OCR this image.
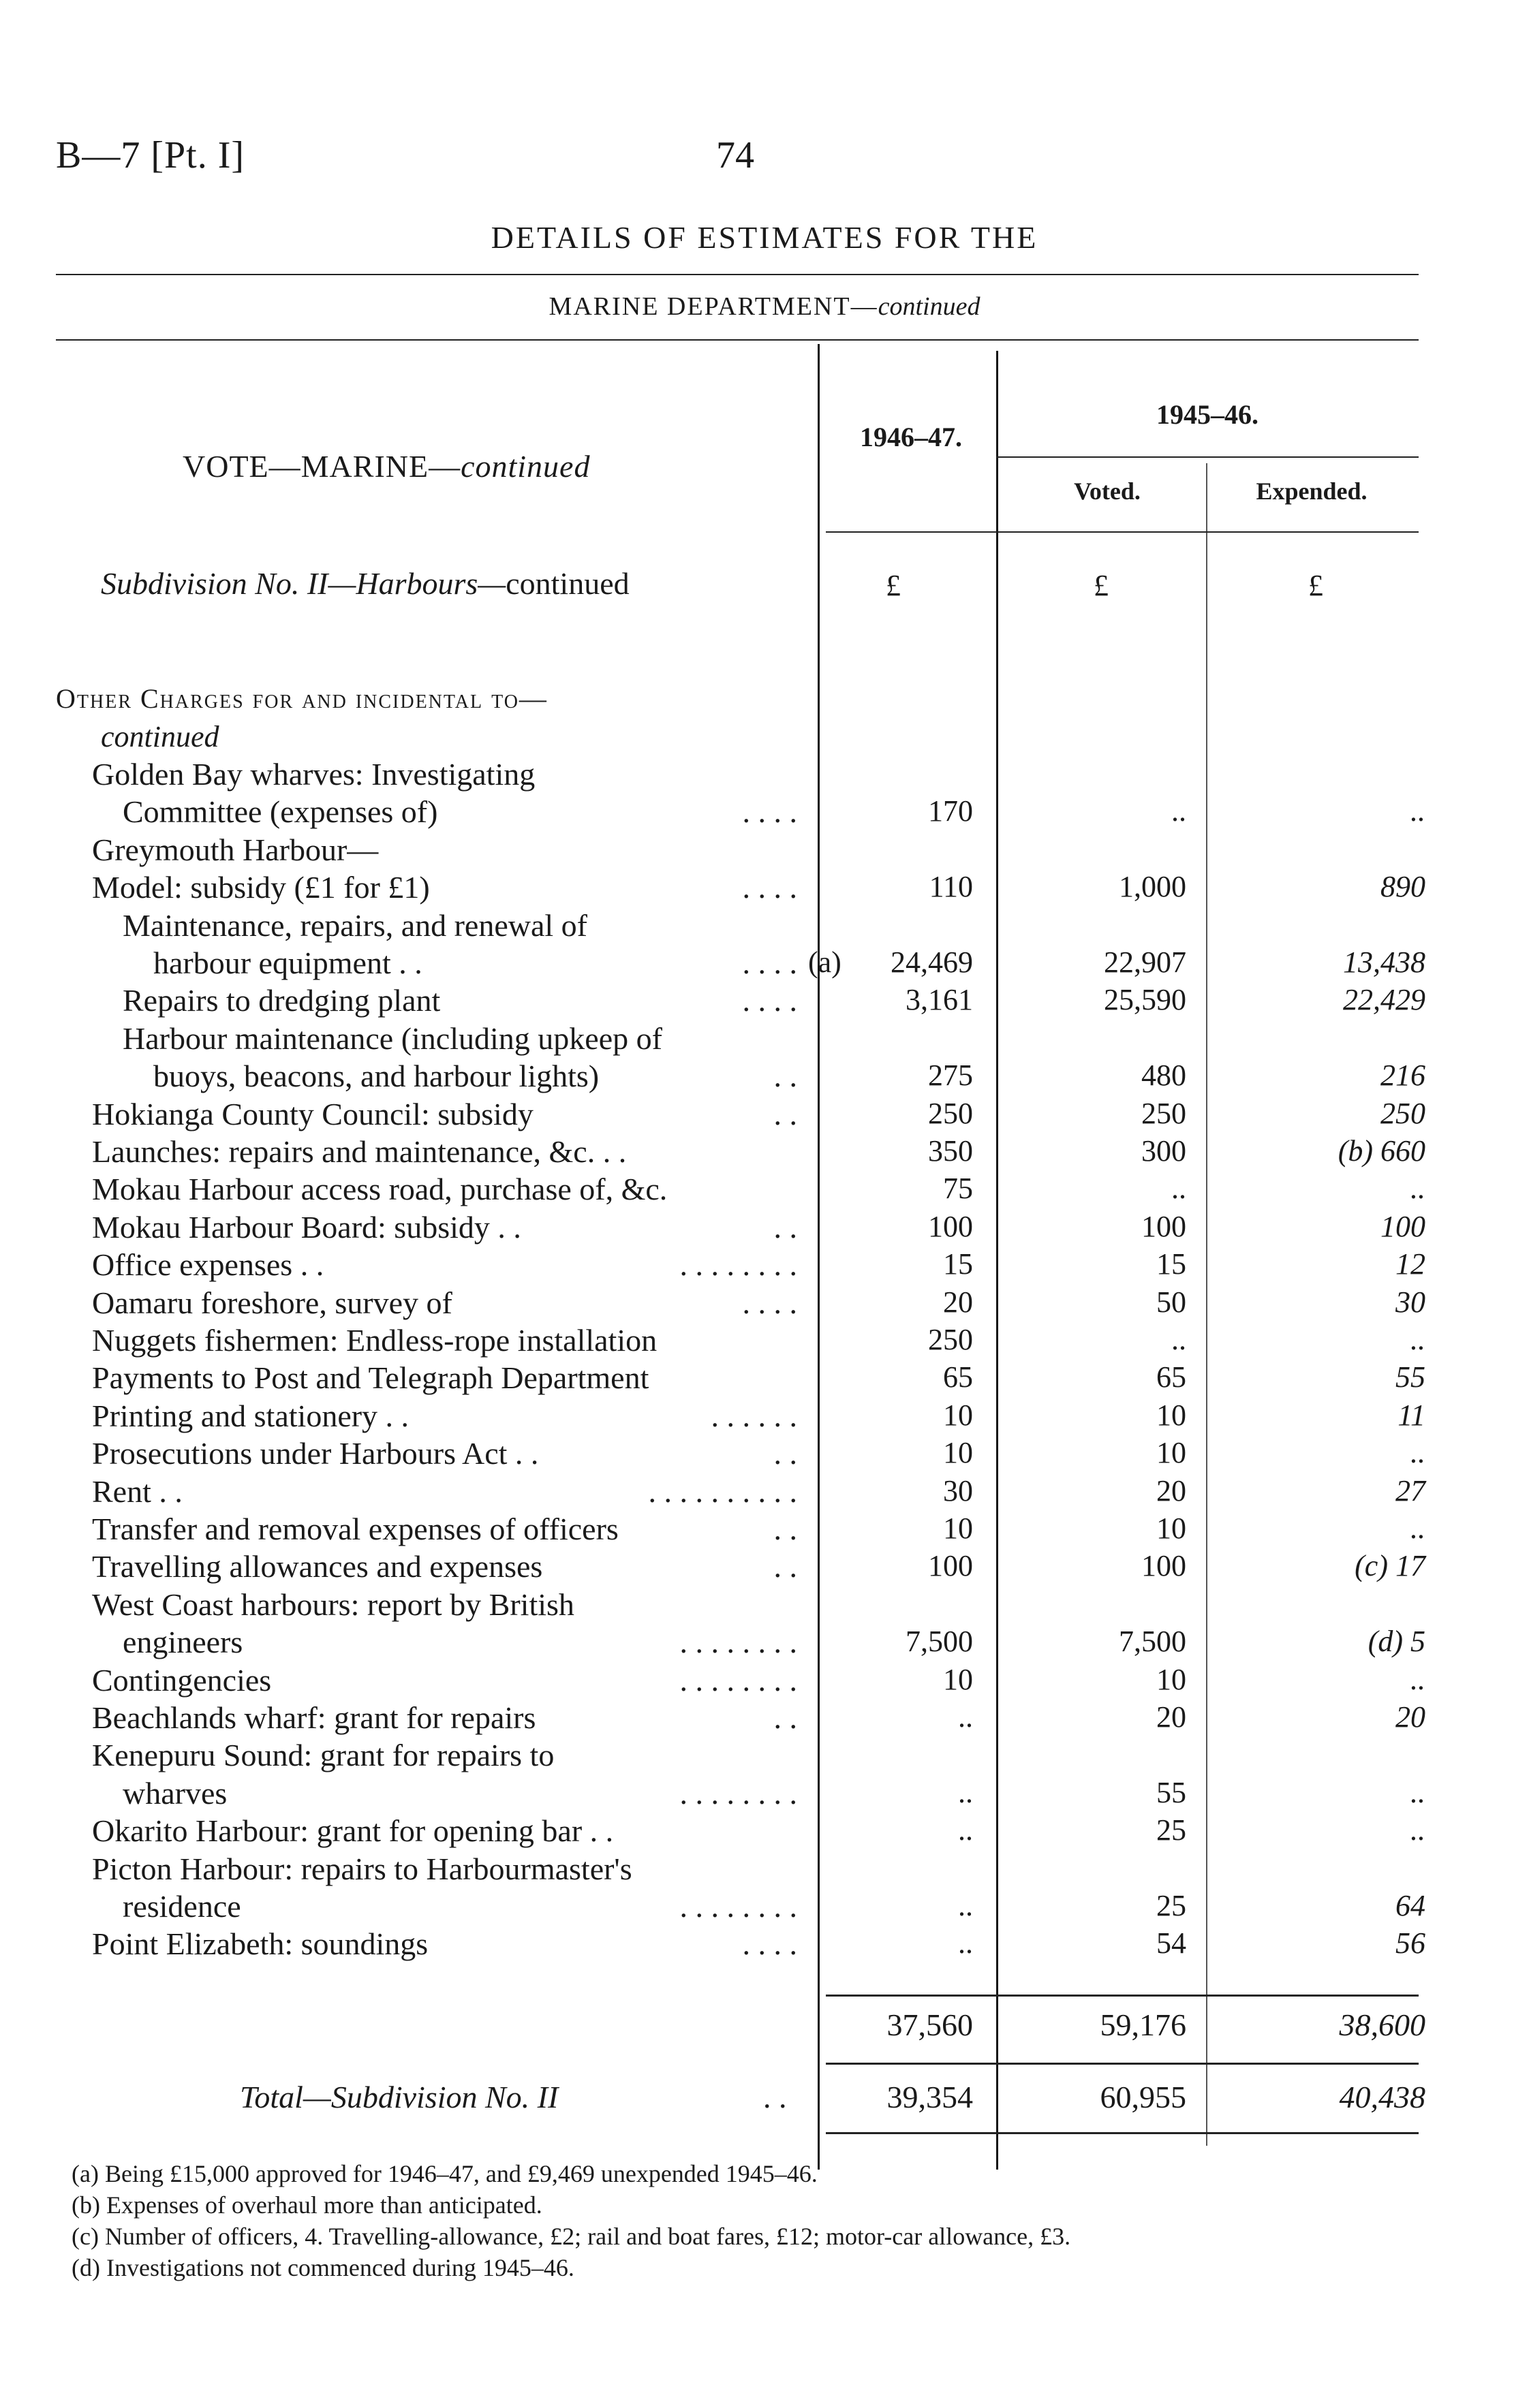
B—7 [Pt. I]	74
DETAILS OF ESTIMATES FOR THE
MARINE DEPARTMENT—continued
1946–47.
1945–46.
Voted.	Expended.
VOTE—MARINE—continued
Subdivision No. II—Harbours—continued	£	£	£
Other Charges for and incidental to—
continued
Golden Bay wharves: Investigating
Committee (expenses of)	. . . .	170	..	..
Greymouth Harbour—
Model: subsidy (£1 for £1)	. . . .	110	1,000	890
Maintenance, repairs, and renewal of
harbour equipment . .	. . . . (a) 24,469	22,907	13,438
Repairs to dredging plant	. . . .	3,161	25,590	22,429
Harbour maintenance (including upkeep of
buoys, beacons, and harbour lights)	. .	275	480	216
Hokianga County Council: subsidy	. .	250	250	250
Launches: repairs and maintenance, &c. . .	350	300	(b) 660
Mokau Harbour access road, purchase of, &c.	75	..	..
Mokau Harbour Board: subsidy . .	. .	100	100	100
Office expenses . .	. . . . . . . .	15	15	12
Oamaru foreshore, survey of	. . . .	20	50	30
Nuggets fishermen: Endless-rope installation	250	..	..
Payments to Post and Telegraph Department	65	65	55
Printing and stationery . .	. . . . . .	10	10	11
Prosecutions under Harbours Act . .	. .	10	10	..
Rent . .	. . . . . . . . . .	30	20	27
Transfer and removal expenses of officers	. .	10	10	..
Travelling allowances and expenses	. .	100	100	(c) 17
West Coast harbours: report by British
engineers	. . . . . . . .	7,500	7,500	(d) 5
Contingencies	. . . . . . . .	10	10	..
Beachlands wharf: grant for repairs	. .	..	20	20
Kenepuru Sound: grant for repairs to
wharves	. . . . . . . .	..	55	..
Okarito Harbour: grant for opening bar . .	..	25	..
Picton Harbour: repairs to Harbourmaster's
residence	. . . . . . . .	..	25	64
Point Elizabeth: soundings	. . . .	..	54	56
37,560	59,176	38,600
Total—Subdivision No. II	. .	39,354	60,955	40,438
(a) Being £15,000 approved for 1946–47, and £9,469 unexpended 1945–46.
(b) Expenses of overhaul more than anticipated.
(c) Number of officers, 4. Travelling-allowance, £2; rail and boat fares, £12; motor-car allowance, £3.
(d) Investigations not commenced during 1945–46.
